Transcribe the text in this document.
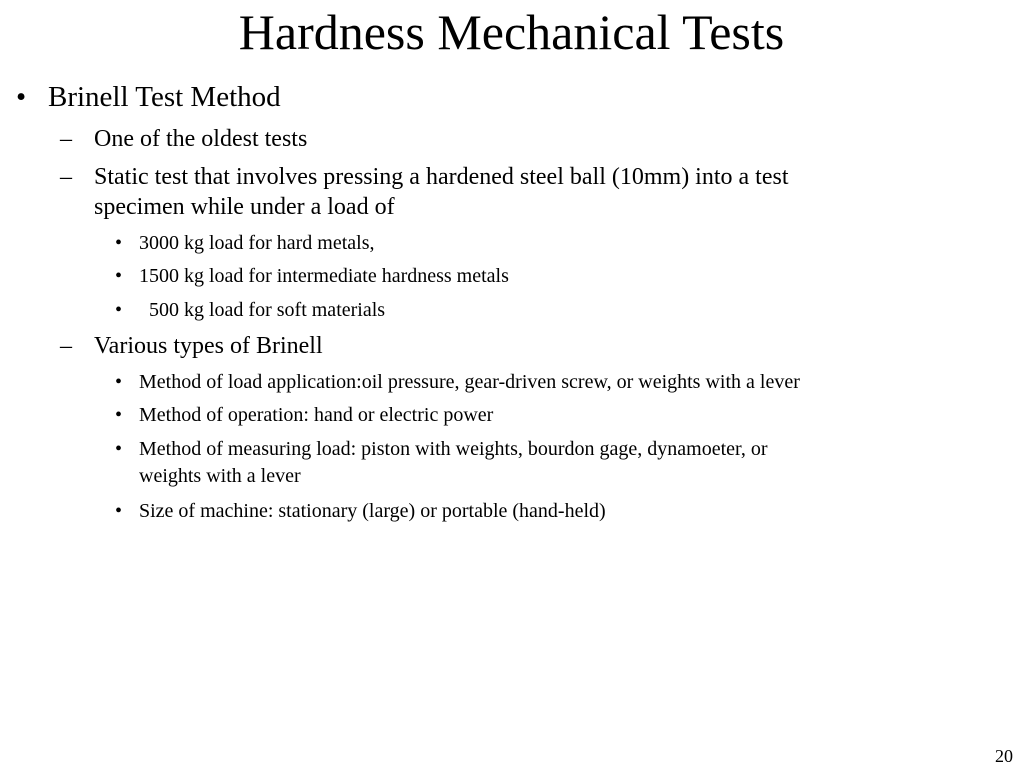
Hardness Mechanical Tests
• Brinell Test Method
– One of the oldest tests
– Static test that involves pressing a hardened steel ball (10mm) into a test
specimen while under a load of
• 3000 kg load for hard metals,
• 1500 kg load for intermediate hardness metals
• 500 kg load for soft materials
– Various types of Brinell
• Method of load application:oil pressure, gear-driven screw, or weights with a lever
• Method of operation: hand or electric power
• Method of measuring load: piston with weights, bourdon gage, dynamoeter, or
weights with a lever
• Size of machine: stationary (large) or portable (hand-held)
20
